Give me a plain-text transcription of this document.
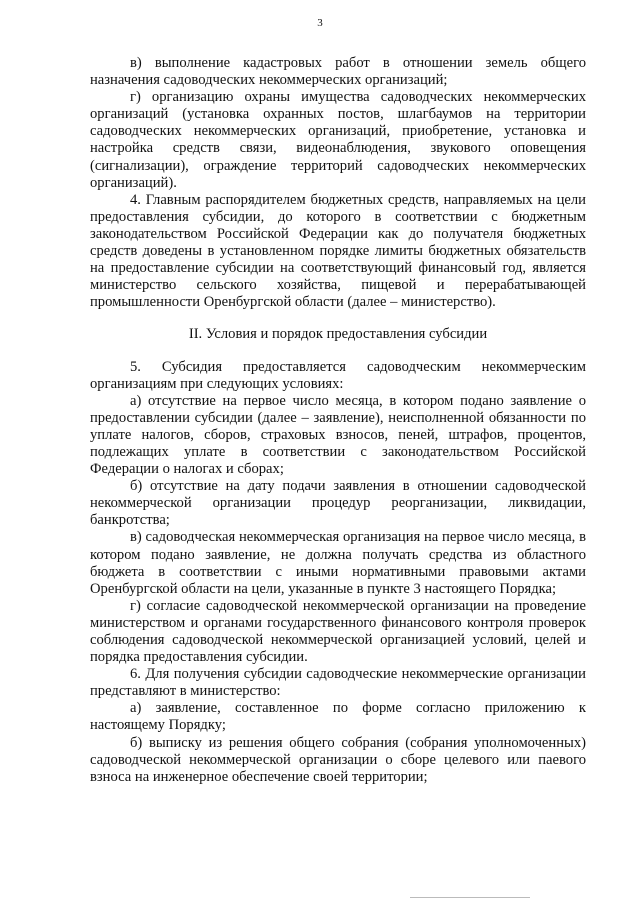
3

в) выполнение кадастровых работ в отношении земель общего назначения садоводческих некоммерческих организаций;

г) организацию охраны имущества садоводческих некоммерческих организаций (установка охранных постов, шлагбаумов на территории садоводческих некоммерческих организаций, приобретение, установка и настройка средств связи, видеонаблюдения, звукового оповещения (сигнализации), ограждение территорий садоводческих некоммерческих организаций).

4. Главным распорядителем бюджетных средств, направляемых на цели предоставления субсидии, до которого в соответствии с бюджетным законодательством Российской Федерации как до получателя бюджетных средств доведены в установленном порядке лимиты бюджетных обязательств на предоставление субсидии на соответствующий финансовый год, является министерство сельского хозяйства, пищевой и перерабатывающей промышленности Оренбургской области (далее – министерство).

II. Условия и порядок предоставления субсидии

5. Субсидия предоставляется садоводческим некоммерческим организациям при следующих условиях:

а) отсутствие на первое число месяца, в котором подано заявление о предоставлении субсидии (далее – заявление), неисполненной обязанности по уплате налогов, сборов, страховых взносов, пеней, штрафов, процентов, подлежащих уплате в соответствии с законодательством Российской Федерации о налогах и сборах;

б) отсутствие на дату подачи заявления в отношении садоводческой некоммерческой организации процедур реорганизации, ликвидации, банкротства;

в) садоводческая некоммерческая организация на первое число месяца, в котором подано заявление, не должна получать средства из областного бюджета в соответствии с иными нормативными правовыми актами Оренбургской области на цели, указанные в пункте 3 настоящего Порядка;

г) согласие садоводческой некоммерческой организации на проведение министерством и органами государственного финансового контроля проверок соблюдения садоводческой некоммерческой организацией условий, целей и порядка предоставления субсидии.

6. Для получения субсидии садоводческие некоммерческие организации представляют в министерство:

а) заявление, составленное по форме согласно приложению к настоящему Порядку;

б) выписку из решения общего собрания (собрания уполномоченных) садоводческой некоммерческой организации о сборе целевого или паевого взноса на инженерное обеспечение своей территории;
